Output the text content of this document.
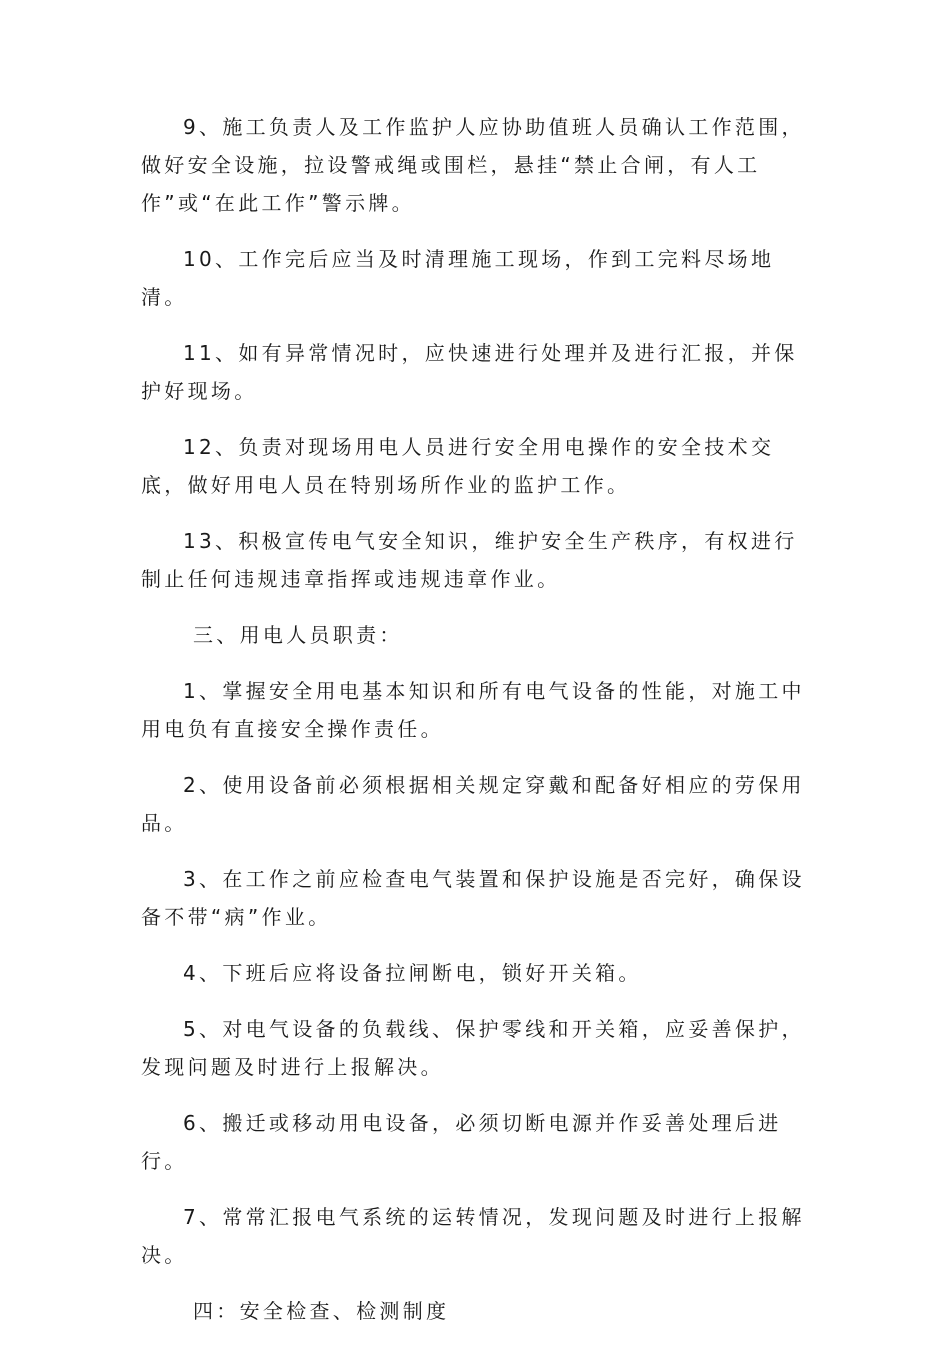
9、施工负责人及工作监护人应协助值班人员确认工作范围，做好安全设施，拉设警戒绳或围栏，悬挂“禁止合闸，有人工作”或“在此工作”警示牌。

10、工作完后应当及时清理施工现场，作到工完料尽场地清。

11、如有异常情况时，应快速进行处理并及进行汇报，并保护好现场。

12、负责对现场用电人员进行安全用电操作的安全技术交底，做好用电人员在特别场所作业的监护工作。

13、积极宣传电气安全知识，维护安全生产秩序，有权进行制止任何违规违章指挥或违规违章作业。

三、用电人员职责：

1、掌握安全用电基本知识和所有电气设备的性能，对施工中用电负有直接安全操作责任。

2、使用设备前必须根据相关规定穿戴和配备好相应的劳保用品。

3、在工作之前应检查电气装置和保护设施是否完好，确保设备不带“病”作业。

4、下班后应将设备拉闸断电，锁好开关箱。

5、对电气设备的负载线、保护零线和开关箱，应妥善保护，发现问题及时进行上报解决。

6、搬迁或移动用电设备，必须切断电源并作妥善处理后进行。

7、常常汇报电气系统的运转情况，发现问题及时进行上报解决。

四：安全检查、检测制度
